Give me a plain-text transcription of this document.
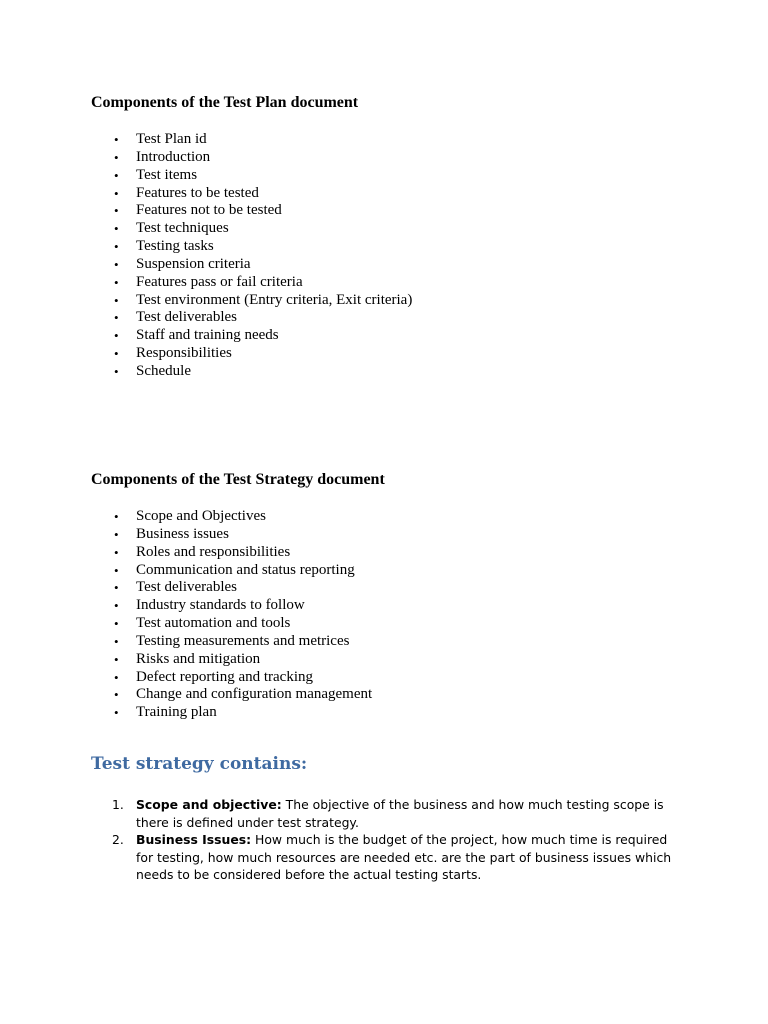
Components of the Test Plan document
• Test Plan id
• Introduction
• Test items
• Features to be tested
• Features not to be tested
• Test techniques
• Testing tasks
• Suspension criteria
• Features pass or fail criteria
• Test environment (Entry criteria, Exit criteria)
• Test deliverables
• Staff and training needs
• Responsibilities
• Schedule
Components of the Test Strategy document
• Scope and Objectives
• Business issues
• Roles and responsibilities
• Communication and status reporting
• Test deliverables
• Industry standards to follow
• Test automation and tools
• Testing measurements and metrices
• Risks and mitigation
• Defect reporting and tracking
• Change and configuration management
• Training plan
Test strategy contains:
1. Scope and objective: The objective of the business and how much testing scope is there is defined under test strategy.
2. Business Issues: How much is the budget of the project, how much time is required for testing, how much resources are needed etc. are the part of business issues which needs to be considered before the actual testing starts.
